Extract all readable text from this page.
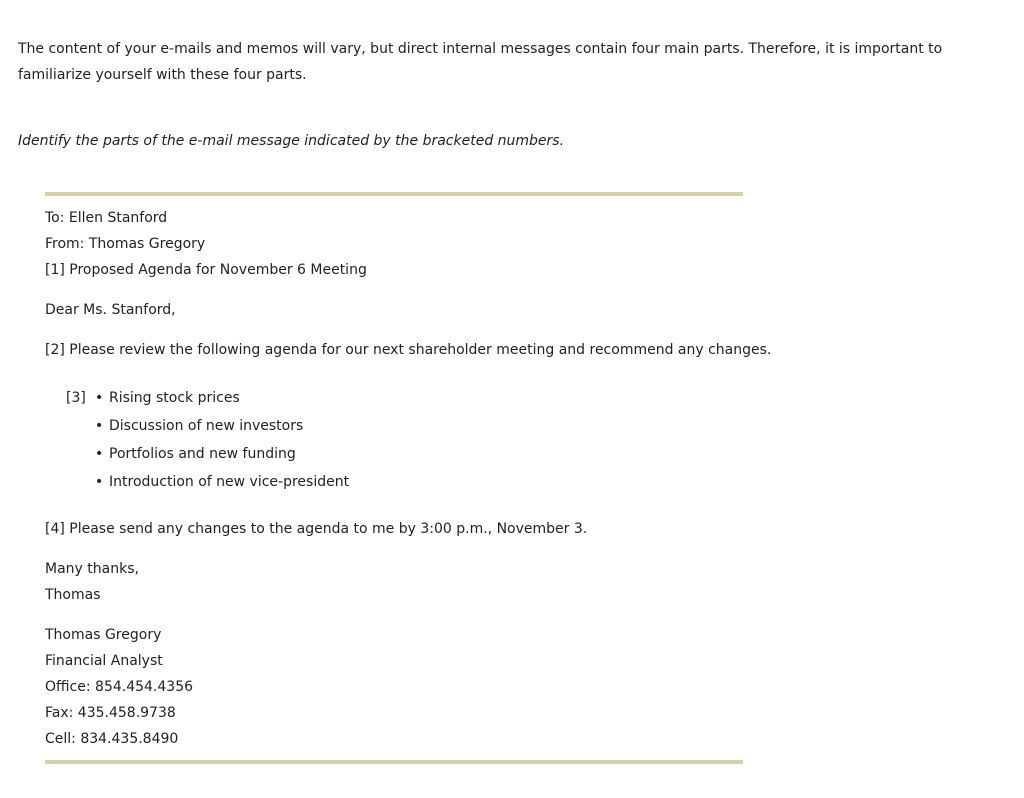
The content of your e-mails and memos will vary, but direct internal messages contain four main parts. Therefore, it is important to familiarize yourself with these four parts.

Identify the parts of the e-mail message indicated by the bracketed numbers.

To: Ellen Stanford
From: Thomas Gregory
[1] Proposed Agenda for November 6 Meeting
Dear Ms. Stanford,
[2] Please review the following agenda for our next shareholder meeting and recommend any changes.
[3] • Rising stock prices
• Discussion of new investors
• Portfolios and new funding
• Introduction of new vice-president
[4] Please send any changes to the agenda to me by 3:00 p.m., November 3.
Many thanks,
Thomas
Thomas Gregory
Financial Analyst
Office: 854.454.4356
Fax: 435.458.9738
Cell: 834.435.8490
